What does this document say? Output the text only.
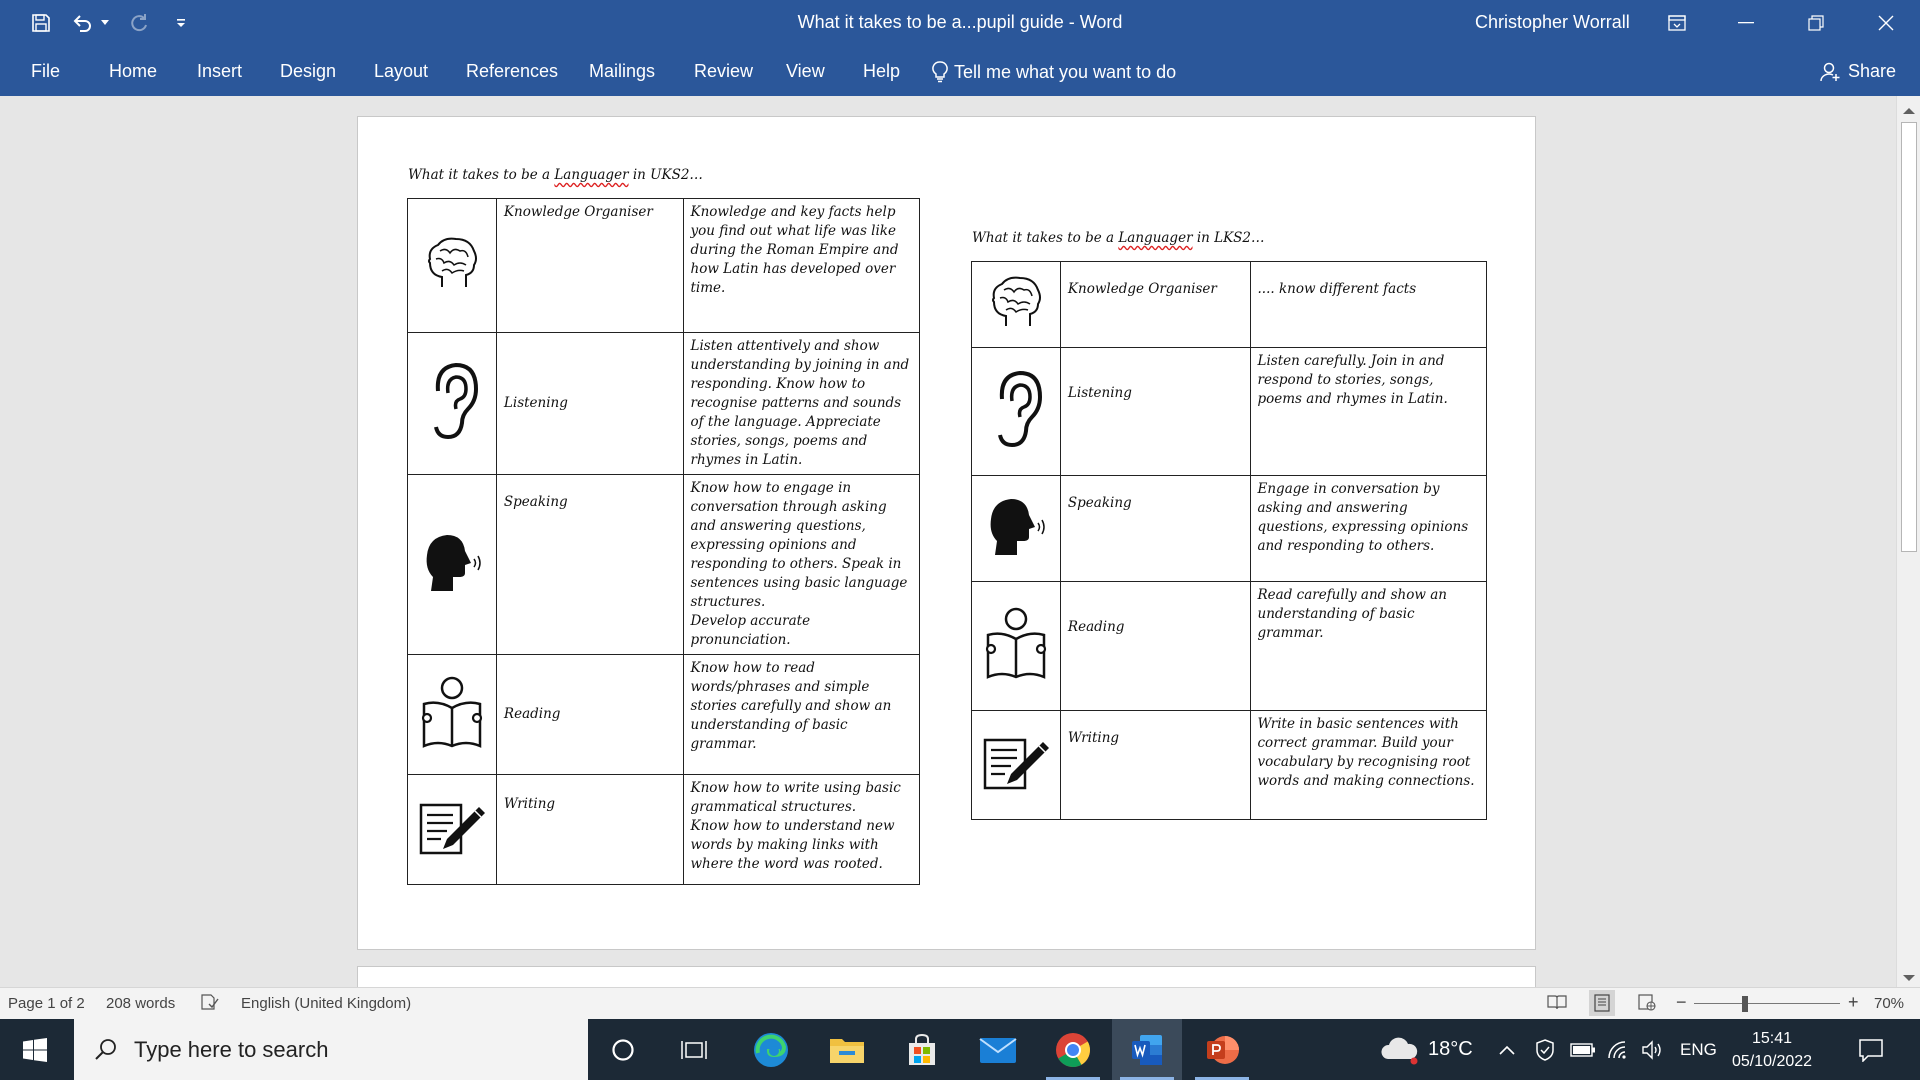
What it takes to be a...pupil guide - Word	Christopher Worrall
File	Home Insert Design Layout References Mailings Review View Help	Tell me what you want to do	Share
What it takes to be a Languager in UKS2…
	Knowledge Organiser	Knowledge and key facts help you find out what life was like during the Roman Empire and how Latin has developed over time.
	Listening	Listen attentively and show understanding by joining in and responding. Know how to recognise patterns and sounds of the language. Appreciate stories, songs, poems and rhymes in Latin.
	Speaking	Know how to engage in conversation through asking and answering questions, expressing opinions and responding to others. Speak in sentences using basic language structures.
Develop accurate pronunciation.
	Reading	Know how to read words/phrases and simple stories carefully and show an understanding of basic grammar.
	Writing	Know how to write using basic grammatical structures.
Know how to understand new words by making links with where the word was rooted.
What it takes to be a Languager in LKS2…
	Knowledge Organiser	.... know different facts
	Listening	Listen carefully. Join in and respond to stories, songs, poems and rhymes in Latin.
	Speaking	Engage in conversation by asking and answering questions, expressing opinions and responding to others.
	Reading	Read carefully and show an understanding of basic grammar.
	Writing	Write in basic sentences with correct grammar. Build your vocabulary by recognising root words and making connections.
Page 1 of 2 208 words	English (United Kingdom)	−	+ 70%
Type here to search	18°C	ENG
15:41
05/10/2022
